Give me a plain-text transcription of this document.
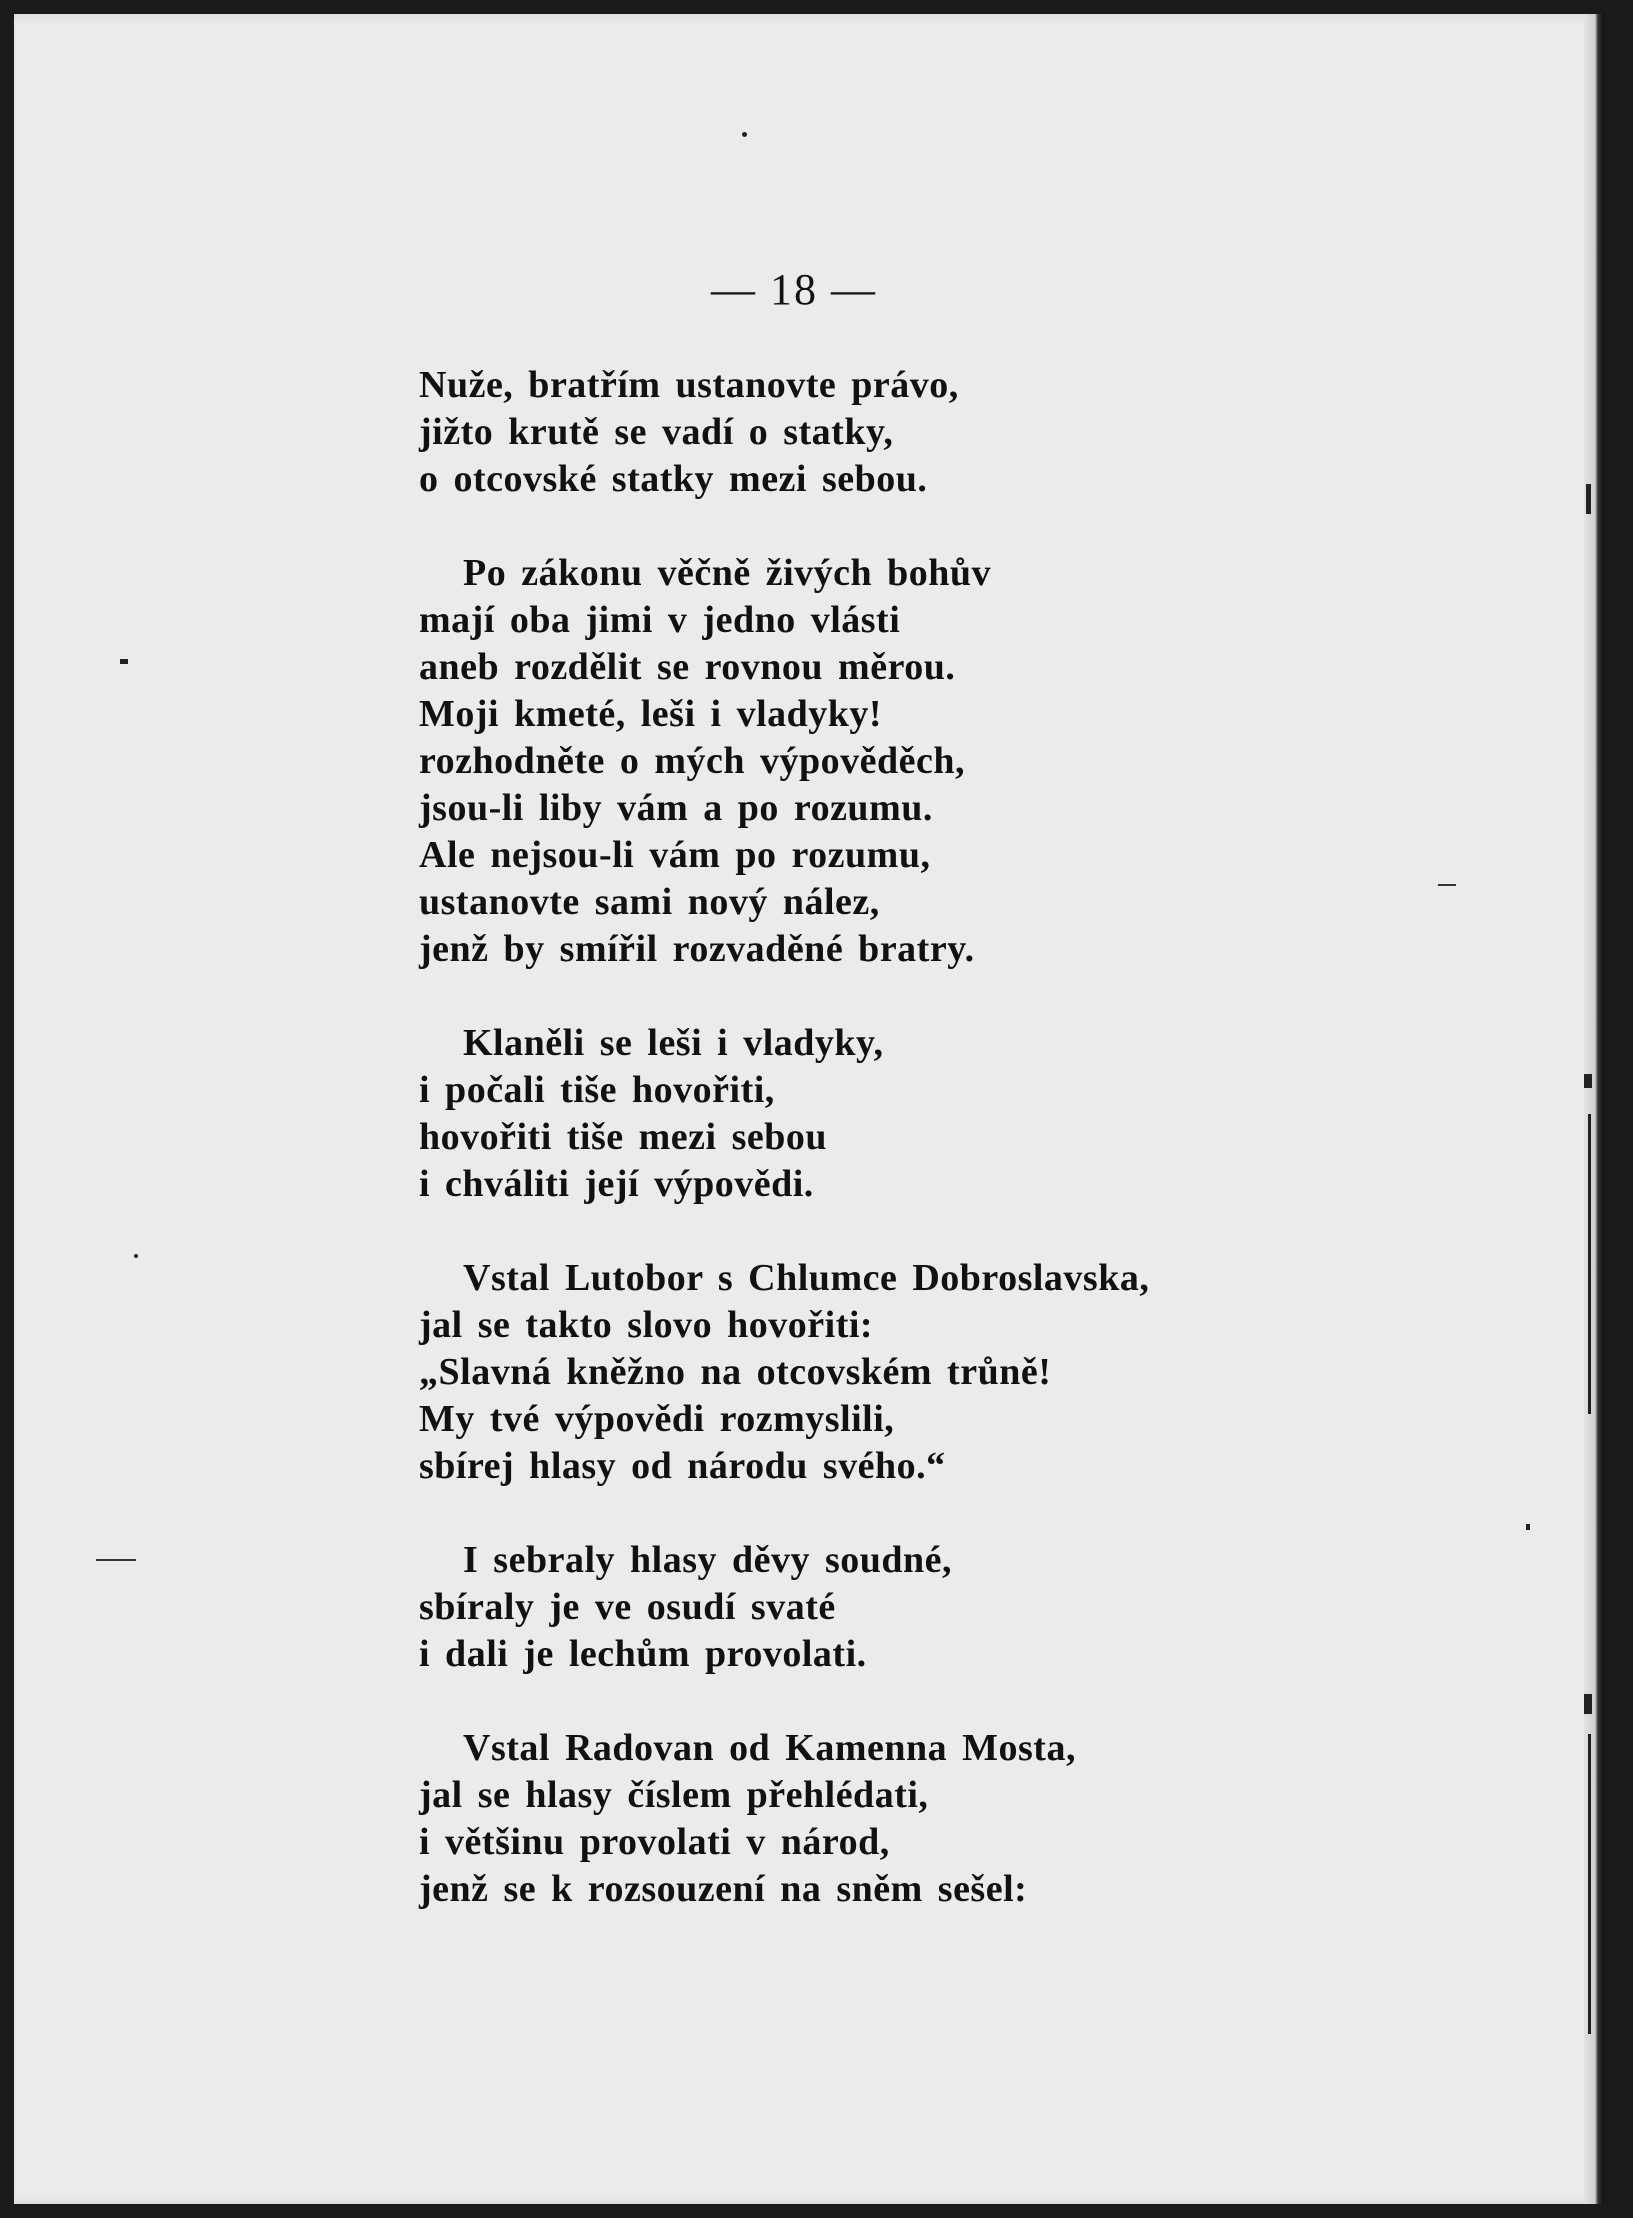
— 18 —
Nuže, bratřím ustanovte právo,
jižto krutě se vadí o statky,
o otcovské statky mezi sebou.
Po zákonu věčně živých bohův
mají oba jimi v jedno vlásti
aneb rozdělit se rovnou měrou.
Moji kmeté, leši i vladyky!
rozhodněte o mých výpověděch,
jsou-li liby vám a po rozumu.
Ale nejsou-li vám po rozumu,
ustanovte sami nový nález,
jenž by smířil rozvaděné bratry.
Klaněli se leši i vladyky,
i počali tiše hovořiti,
hovořiti tiše mezi sebou
i chváliti její výpovědi.
Vstal Lutobor s Chlumce Dobroslavska,
jal se takto slovo hovořiti:
„Slavná kněžno na otcovském trůně!
My tvé výpovědi rozmyslili,
sbírej hlasy od národu svého.“
I sebraly hlasy děvy soudné,
sbíraly je ve osudí svaté
i dali je lechům provolati.
Vstal Radovan od Kamenna Mosta,
jal se hlasy číslem přehlédati,
i většinu provolati v národ,
jenž se k rozsouzení na sněm sešel:
